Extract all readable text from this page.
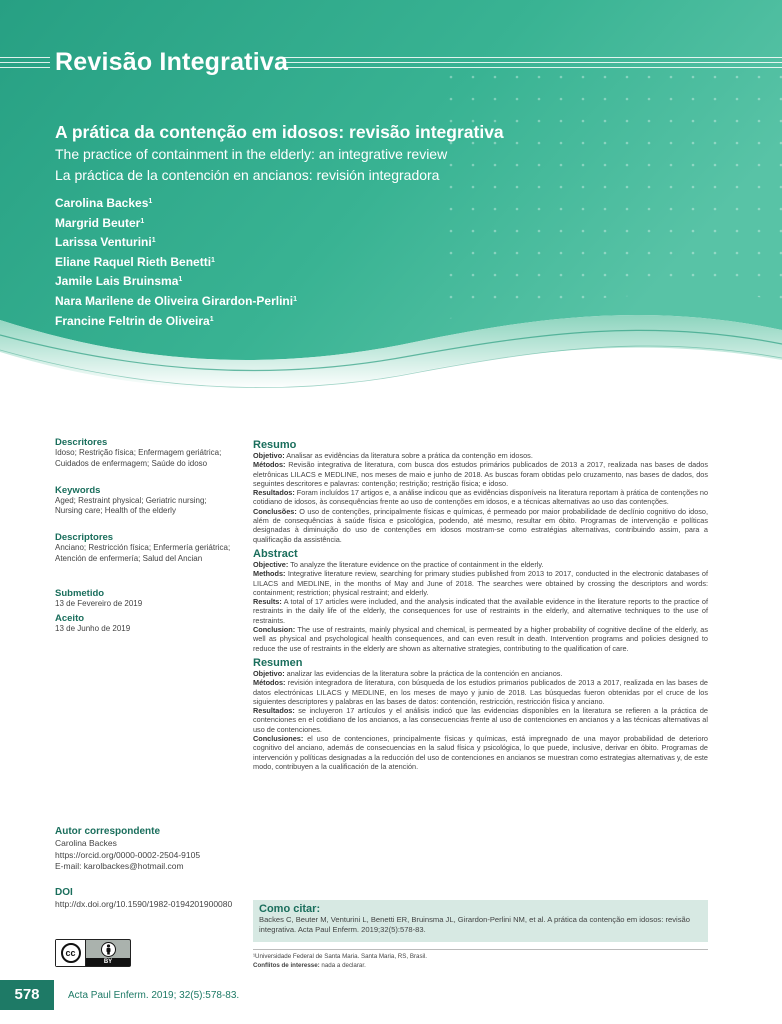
Revisão Integrativa
A prática da contenção em idosos: revisão integrativa
The practice of containment in the elderly: an integrative review
La práctica de la contención en ancianos: revisión integradora
Carolina Backes$^1$
Margrid Beuter$^1$
Larissa Venturini$^1$
Eliane Raquel Rieth Benetti$^1$
Jamile Lais Bruinsma$^1$
Nara Marilene de Oliveira Girardon-Perlini$^1$
Francine Feltrin de Oliveira$^1$
Descritores
Idoso; Restrição física; Enfermagem geriátrica; Cuidados de enfermagem; Saúde do idoso
Keywords
Aged; Restraint physical; Geriatric nursing; Nursing care; Health of the elderly
Descriptores
Anciano; Restricción física; Enfermería geriátrica; Atención de enfermería; Salud del Ancian
Submetido
13 de Fevereiro de 2019
Aceito
13 de Junho de 2019
Resumo

Objetivo: Analisar as evidências da literatura sobre a prática da contenção em idosos.

Métodos: Revisão integrativa de literatura, com busca dos estudos primários publicados de 2013 a 2017, realizada nas bases de dados eletrônicas LILACS e MEDLINE, nos meses de maio e junho de 2018. As buscas foram obtidas pelo cruzamento, nas bases de dados, dos seguintes descritores e palavras: contenção; restrição; restrição física; e idoso.

Resultados: Foram incluídos 17 artigos e, a análise indicou que as evidências disponíveis na literatura reportam à prática de contenções no cotidiano de idosos, às consequências frente ao uso de contenções em idosos, e a técnicas alternativas ao uso das contenções.

Conclusões: O uso de contenções, principalmente físicas e químicas, é permeado por maior probabilidade de declínio cognitivo do idoso, além de consequências à saúde física e psicológica, podendo, até mesmo, resultar em óbito. Programas de intervenção e políticas designadas à diminuição do uso de contenções em idosos mostram-se como estratégias alternativas, contribuindo assim, para a qualificação da assistência.

Abstract

Objective: To analyze the literature evidence on the practice of containment in the elderly.

Methods: Integrative literature review, searching for primary studies published from 2013 to 2017, conducted in the electronic databases of LILACS and MEDLINE, in the months of May and June of 2018. The searches were obtained by crossing the descriptors and words: containment; restriction; physical restraint; and elderly.

Results: A total of 17 articles were included, and the analysis indicated that the available evidence in the literature reports to the practice of restraints in the daily life of the elderly, the consequences for use of restraints in the elderly, and alternative techniques to the use of restraints.

Conclusion: The use of restraints, mainly physical and chemical, is permeated by a higher probability of cognitive decline of the elderly, as well as physical and psychological health consequences, and can even result in death. Intervention programs and policies designed to reduce the use of restraints in the elderly are shown as alternative strategies, contributing to the qualification of care.

Resumen

Objetivo: analizar las evidencias de la literatura sobre la práctica de la contención en ancianos.

Métodos: revisión integradora de literatura, con búsqueda de los estudios primarios publicados de 2013 a 2017, realizada en las bases de datos electrónicas LILACS y MEDLINE, en los meses de mayo y junio de 2018. Las búsquedas fueron obtenidas por el cruce de los siguientes descriptores y palabras en las bases de datos: contención, restricción, restricción física y anciano.

Resultados: se incluyeron 17 artículos y el análisis indicó que las evidencias disponibles en la literatura se refieren a la práctica de contenciones en el cotidiano de los ancianos, a las consecuencias frente al uso de contenciones en ancianos y a las técnicas alternativas al uso de contenciones.

Conclusiones: el uso de contenciones, principalmente físicas y químicas, está impregnado de una mayor probabilidad de deterioro cognitivo del anciano, además de consecuencias en la salud física y psicológica, lo que puede, inclusive, derivar en óbito. Programas de intervención y políticas designadas a la reducción del uso de contenciones en ancianos se muestran como estrategias alternativas y, de este modo, contribuyen a la cualificación de la atención.

Autor correspondente
Carolina Backes
https://orcid.org/0000-0002-2504-9105
E-mail: karolbackes@hotmail.com
DOI
http://dx.doi.org/10.1590/1982-0194201900080
cc
BY
Como citar:
Backes C, Beuter M, Venturini L, Benetti ER, Bruinsma JL, Girardon-Perlini NM, et al. A prática da contenção em idosos: revisão integrativa. Acta Paul Enferm. 2019;32(5):578-83.
¹Universidade Federal de Santa Maria. Santa Maria, RS, Brasil.
Conflitos de interesse: nada a declarar.
578	Acta Paul Enferm. 2019; 32(5):578-83.
